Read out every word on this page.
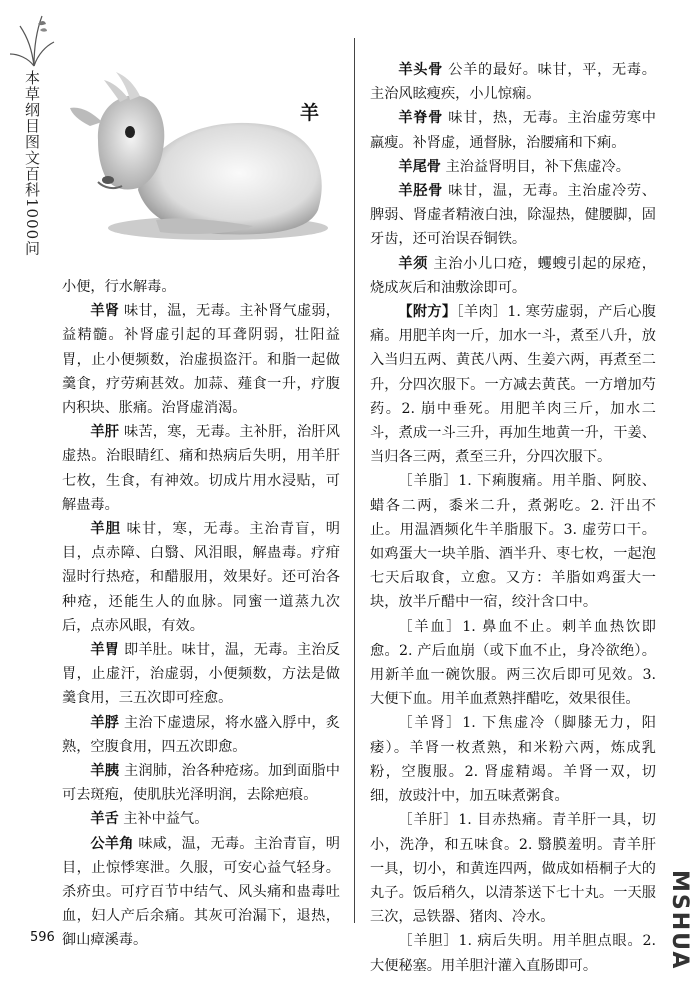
本草纲目图文百科1000问	羊

小便，行水解毒。

羊肾 味甘，温，无毒。主补肾气虚弱，益精髓。补肾虚引起的耳聋阴弱，壮阳益胃，止小便频数，治虚损盗汗。和脂一起做羹食，疗劳痢甚效。加蒜、薤食一升，疗腹内积块、胀痛。治肾虚消渴。

羊肝 味苦，寒，无毒。主补肝，治肝风虚热。治眼睛红、痛和热病后失明，用羊肝七枚，生食，有神效。切成片用水浸贴，可解蛊毒。

羊胆 味甘，寒，无毒。主治青盲，明目，点赤障、白翳、风泪眼，解蛊毒。疗疳湿时行热疮，和醋服用，效果好。还可治各种疮，还能生人的血脉。同蜜一道蒸九次后，点赤风眼，有效。

羊胃 即羊肚。味甘，温，无毒。主治反胃，止虚汗，治虚弱，小便频数，方法是做羹食用，三五次即可痊愈。

羊脬 主治下虚遗尿，将水盛入脬中，炙熟，空腹食用，四五次即愈。

羊胰 主润肺，治各种疮疡。加到面脂中可去斑疱，使肌肤光泽明润，去除疤痕。

羊舌 主补中益气。

公羊角 味咸，温，无毒。主治青盲，明目，止惊悸寒泄。久服，可安心益气轻身。杀疥虫。可疗百节中结气、风头痛和蛊毒吐血，妇人产后余痛。其灰可治漏下，退热，御山瘴溪毒。

羊头骨 公羊的最好。味甘，平，无毒。主治风眩瘦疾，小儿惊痫。

羊脊骨 味甘，热，无毒。主治虚劳寒中羸瘦。补肾虚，通督脉，治腰痛和下痢。

羊尾骨 主治益肾明目，补下焦虚冷。

羊胫骨 味甘，温，无毒。主治虚冷劳、脾弱、肾虚者精液白浊，除湿热，健腰脚，固牙齿，还可治误吞铜铁。

羊须 主治小儿口疮，蠼螋引起的尿疮，烧成灰后和油敷涂即可。

【附方】［羊肉］1. 寒劳虚弱，产后心腹痛。用肥羊肉一斤，加水一斗，煮至八升，放入当归五两、黄芪八两、生姜六两，再煮至二升，分四次服下。一方减去黄芪。一方增加芍药。2. 崩中垂死。用肥羊肉三斤，加水二斗，煮成一斗三升，再加生地黄一升，干姜、当归各三两，煮至三升，分四次服下。

［羊脂］1. 下痢腹痛。用羊脂、阿胶、蜡各二两，黍米二升，煮粥吃。2. 汗出不止。用温酒频化牛羊脂服下。3. 虚劳口干。如鸡蛋大一块羊脂、酒半升、枣七枚，一起泡七天后取食，立愈。又方：羊脂如鸡蛋大一块，放半斤醋中一宿，绞汁含口中。

［羊血］1. 鼻血不止。刺羊血热饮即愈。2. 产后血崩（或下血不止，身冷欲绝）。用新羊血一碗饮服。两三次后即可见效。3. 大便下血。用羊血煮熟拌醋吃，效果很佳。

［羊肾］1. 下焦虚冷（脚膝无力，阳痿）。羊肾一枚煮熟，和米粉六两，炼成乳粉，空腹服。2. 肾虚精竭。羊肾一双，切细，放豉汁中，加五味煮粥食。

［羊肝］1. 目赤热痛。青羊肝一具，切小，洗净，和五味食。2. 翳膜羞明。青羊肝一具，切小，和黄连四两，做成如梧桐子大的丸子。饭后稍久，以清茶送下七十丸。一天服三次，忌铁器、猪肉、冷水。

［羊胆］1. 病后失明。用羊胆点眼。2. 大便秘塞。用羊胆汁灌入直肠即可。

596	MSHUA
